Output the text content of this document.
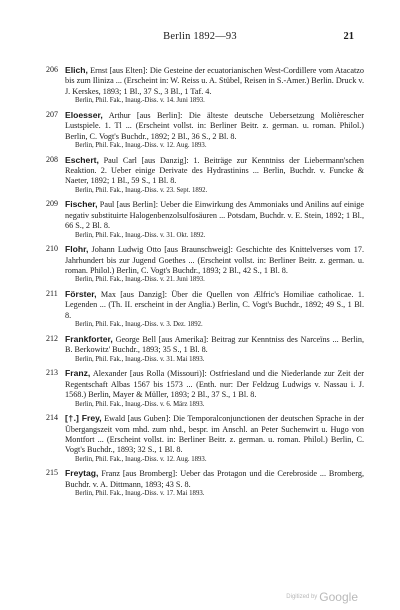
Berlin 1892—93	21
206 Elich, Ernst [aus Elten]: Die Gesteine der ecuatorianischen West-Cordillere vom Atacatzo bis zum Iliniza ... (Erscheint in: W. Reiss u. A. Stübel, Reisen in S.-Amer.) Berlin. Druck v. J. Kerskes, 1893; 1 Bl., 37 S., 3 Bl., 1 Taf. 4.
Berlin, Phil. Fak., Inaug.-Diss. v. 14. Juni 1893.
207 Eloesser, Arthur [aus Berlin]: Die älteste deutsche Uebersetzung Molièrescher Lustspiele. 1. Tl ... (Erscheint vollst. in: Berliner Beitr. z. german. u. roman. Philol.) Berlin, C. Vogt's Buchdr., 1892; 2 Bl., 36 S., 2 Bl. 8.
Berlin, Phil. Fak., Inaug.-Diss. v. 12. Aug. 1893.
208 Eschert, Paul Carl [aus Danzig]: 1. Beiträge zur Kenntniss der Liebermann'schen Reaktion. 2. Ueber einige Derivate des Hydrastinins ... Berlin, Buchdr. v. Funcke & Naeter, 1892; 1 Bl., 59 S., 1 Bl. 8.
Berlin, Phil. Fak., Inaug.-Diss. v. 23. Sept. 1892.
209 Fischer, Paul [aus Berlin]: Ueber die Einwirkung des Ammoniaks und Anilins auf einige negativ substituirte Halogenbenzolsulfosäuren ... Potsdam, Buchdr. v. E. Stein, 1892; 1 Bl., 66 S., 2 Bl. 8.
Berlin, Phil. Fak., Inaug.-Diss. v. 31. Okt. 1892.
210 Flohr, Johann Ludwig Otto [aus Braunschweig]: Geschichte des Knittelverses vom 17. Jahrhundert bis zur Jugend Goethes ... (Erscheint vollst. in: Berliner Beitr. z. german. u. roman. Philol.) Berlin, C. Vogt's Buchdr., 1893; 2 Bl., 42 S., 1 Bl. 8.
Berlin, Phil. Fak., Inaug.-Diss. v. 21. Juni 1893.
211 Förster, Max [aus Danzig]: Über die Quellen von Ælfric's Homiliae catholicae. 1. Legenden ... (Th. II. erscheint in der Anglia.) Berlin, C. Vogt's Buchdr., 1892; 49 S., 1 Bl. 8.
Berlin, Phil. Fak., Inaug.-Diss. v. 3. Dez. 1892.
212 Frankforter, George Bell [aus Amerika]: Beitrag zur Kenntniss des Narceïns ... Berlin, B. Berkowitz' Buchdr., 1893; 35 S., 1 Bl. 8.
Berlin, Phil. Fak., Inaug.-Diss. v. 31. Mai 1893.
213 Franz, Alexander [aus Rolla (Missouri)]: Ostfriesland und die Niederlande zur Zeit der Regentschaft Albas 1567 bis 1573 ... (Enth. nur: Der Feldzug Ludwigs v. Nassau i. J. 1568.) Berlin, Mayer & Müller, 1893; 2 Bl., 37 S., 1 Bl. 8.
Berlin, Phil. Fak., Inaug.-Diss. v. 6. März 1893.
214 [†.] Frey, Ewald [aus Guben]: Die Temporalconjunctionen der deutschen Sprache in der Übergangszeit vom mhd. zum nhd., bespr. im Anschl. an Peter Suchenwirt u. Hugo von Montfort ... (Erscheint vollst. in: Berliner Beitr. z. german. u. roman. Philol.) Berlin, C. Vogt's Buchdr., 1893; 32 S., 1 Bl. 8.
Berlin, Phil. Fak., Inaug.-Diss. v. 12. Aug. 1893.
215 Freytag, Franz [aus Bromberg]: Ueber das Protagon und die Cerebroside ... Bromberg, Buchdr. v. A. Dittmann, 1893; 43 S. 8.
Berlin, Phil. Fak., Inaug.-Diss. v. 17. Mai 1893.
Digitized by Google
